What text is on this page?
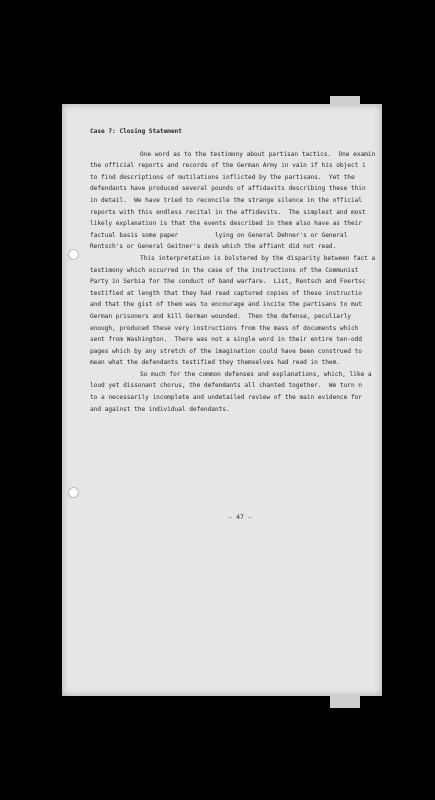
Case 7: Closing Statement
One word as to the testimony about partisan tactics.  One examin
the official reports and records of the German Army in vain if his object i
to find descriptions of mutilations inflicted by the partisans.  Yet the
defendants have produced several pounds of affidavits describing these thin
in detail.  We have tried to reconcile the strange silence in the official
reports with this endless recital in the affidavits.  The simplest and most
likely explanation is that the events described in them also have as their
factual basis some paper          lying on General Dehner's or General
Rentsch's or General Geitner's desk which the affiant did not read.
This interpretation is bolstered by the disparity between fact a
testimony which occurred in the case of the instructions of the Communist
Party in Serbia for the conduct of band warfare.  List, Rentsch and Foertsc
testified at length that they had read captured copies of these instructio
and that the gist of them was to encourage and incite the partisans to mut
German prisoners and kill German wounded.  Then the defense, peculiarly
enough, produced these very instructions from the mass of documents which
sent from Washington.  There was not a single word in their entire ten-odd
pages which by any stretch of the imagination could have been construed to
mean what the defendants testified they themselves had read in them.
So much for the common defenses and explanations, which, like a
loud yet dissonant chorus, the defendants all chanted together.  We turn n
to a necessarily incomplete and undetailed review of the main evidence for
and against the individual defendants.
- 47 -
